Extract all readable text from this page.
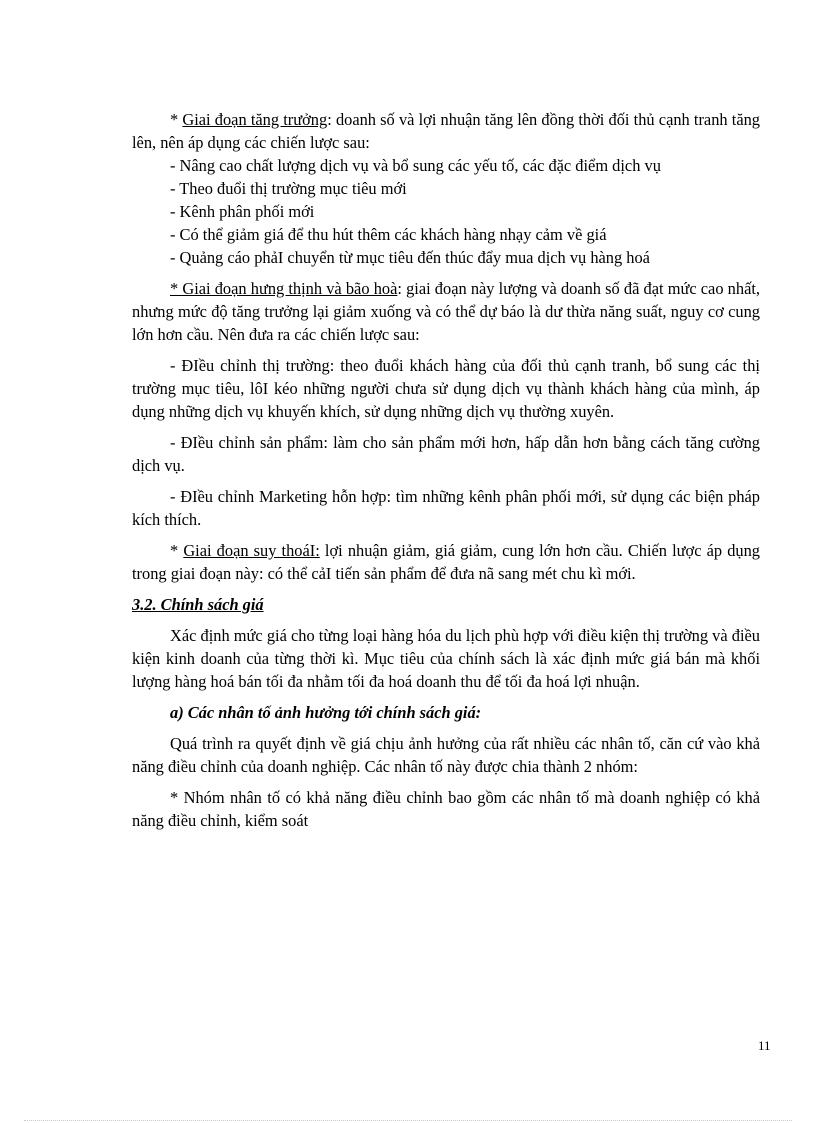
* Giai đoạn tăng trưởng: doanh số và lợi nhuận tăng lên đồng thời đối thủ cạnh tranh tăng lên, nên áp dụng các chiến lược sau:

- Nâng cao chất lượng dịch vụ và bổ sung các yếu tố, các đặc điểm dịch vụ

- Theo đuổi thị trường mục tiêu mới

- Kênh phân phối mới

- Có thể giảm giá để thu hút thêm các khách hàng nhạy cảm về giá

- Quảng cáo phảI chuyển từ mục tiêu đến thúc đẩy mua dịch vụ hàng hoá

* Giai đoạn hưng thịnh và bão hoà: giai đoạn này lượng và doanh số đã đạt mức cao nhất, nhưng mức độ tăng trưởng lại giảm xuống và có thể dự báo là dư thừa năng suất, nguy cơ cung lớn hơn cầu. Nên đưa ra các chiến lược sau:

- ĐIều chỉnh thị trường: theo đuổi khách hàng của đối thủ cạnh tranh, bổ sung các thị trường mục tiêu, lôI kéo những người chưa sử dụng dịch vụ thành khách hàng của mình, áp dụng những dịch vụ khuyến khích, sử dụng những dịch vụ thường xuyên.

- ĐIều chỉnh sản phẩm: làm cho sản phẩm mới hơn, hấp dẫn hơn bằng cách tăng cường dịch vụ.

- ĐIều chỉnh Marketing hỗn hợp: tìm những kênh phân phối mới, sử dụng các biện pháp kích thích.

* Giai đoạn suy thoáI: lợi nhuận giảm, giá giảm, cung lớn hơn cầu. Chiến lược áp dụng trong giai đoạn này: có thể cảI tiến sản phẩm để đưa nã sang mét chu kì mới.

3.2. Chính sách giá

Xác định mức giá cho từng loại hàng hóa du lịch phù hợp với điều kiện thị trường và điều kiện kinh doanh của từng thời kì. Mục tiêu của chính sách là xác định mức giá bán mà khối lượng hàng hoá bán tối đa nhằm tối đa hoá doanh thu để tối đa hoá lợi nhuận.

a) Các nhân tố ảnh hưởng tới chính sách giá:

Quá trình ra quyết định về giá chịu ảnh hưởng của rất nhiều các nhân tố, căn cứ vào khả năng điều chỉnh của doanh nghiệp. Các nhân tố này được chia thành 2 nhóm:

* Nhóm nhân tố có khả năng điều chỉnh bao gồm các nhân tố mà doanh nghiệp có khả năng điều chỉnh, kiểm soát

11
